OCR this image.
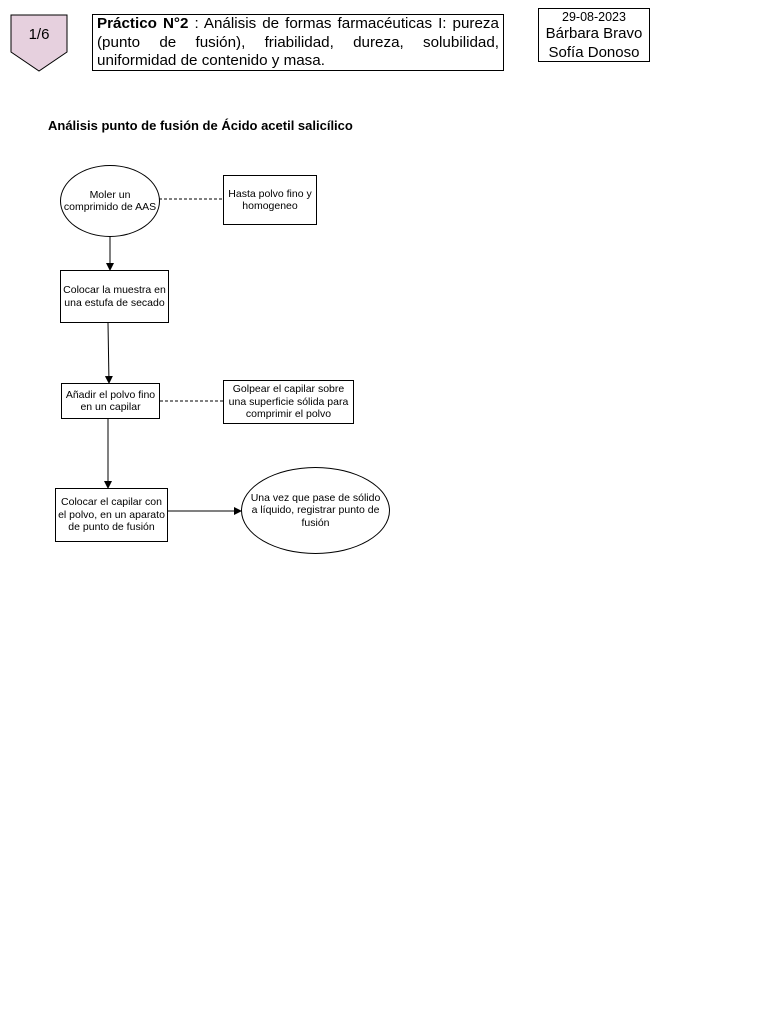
1/6
Práctico N°2 : Análisis de formas farmacéuticas I: pureza (punto de fusión), friabilidad, dureza, solubilidad, uniformidad de contenido y masa.
29-08-2023
Bárbara Bravo
Sofía Donoso
Análisis punto de fusión de Ácido acetil salicílico
Moler un comprimido de AAS
Hasta polvo fino y homogeneo
Colocar la muestra en una estufa de secado
Añadir el polvo fino en un capilar
Golpear el capilar sobre una superficie sólida para comprimir el polvo
Colocar el capilar con el polvo, en un aparato de punto de fusión
Una vez que pase de sólido a líquido, registrar punto de fusión
